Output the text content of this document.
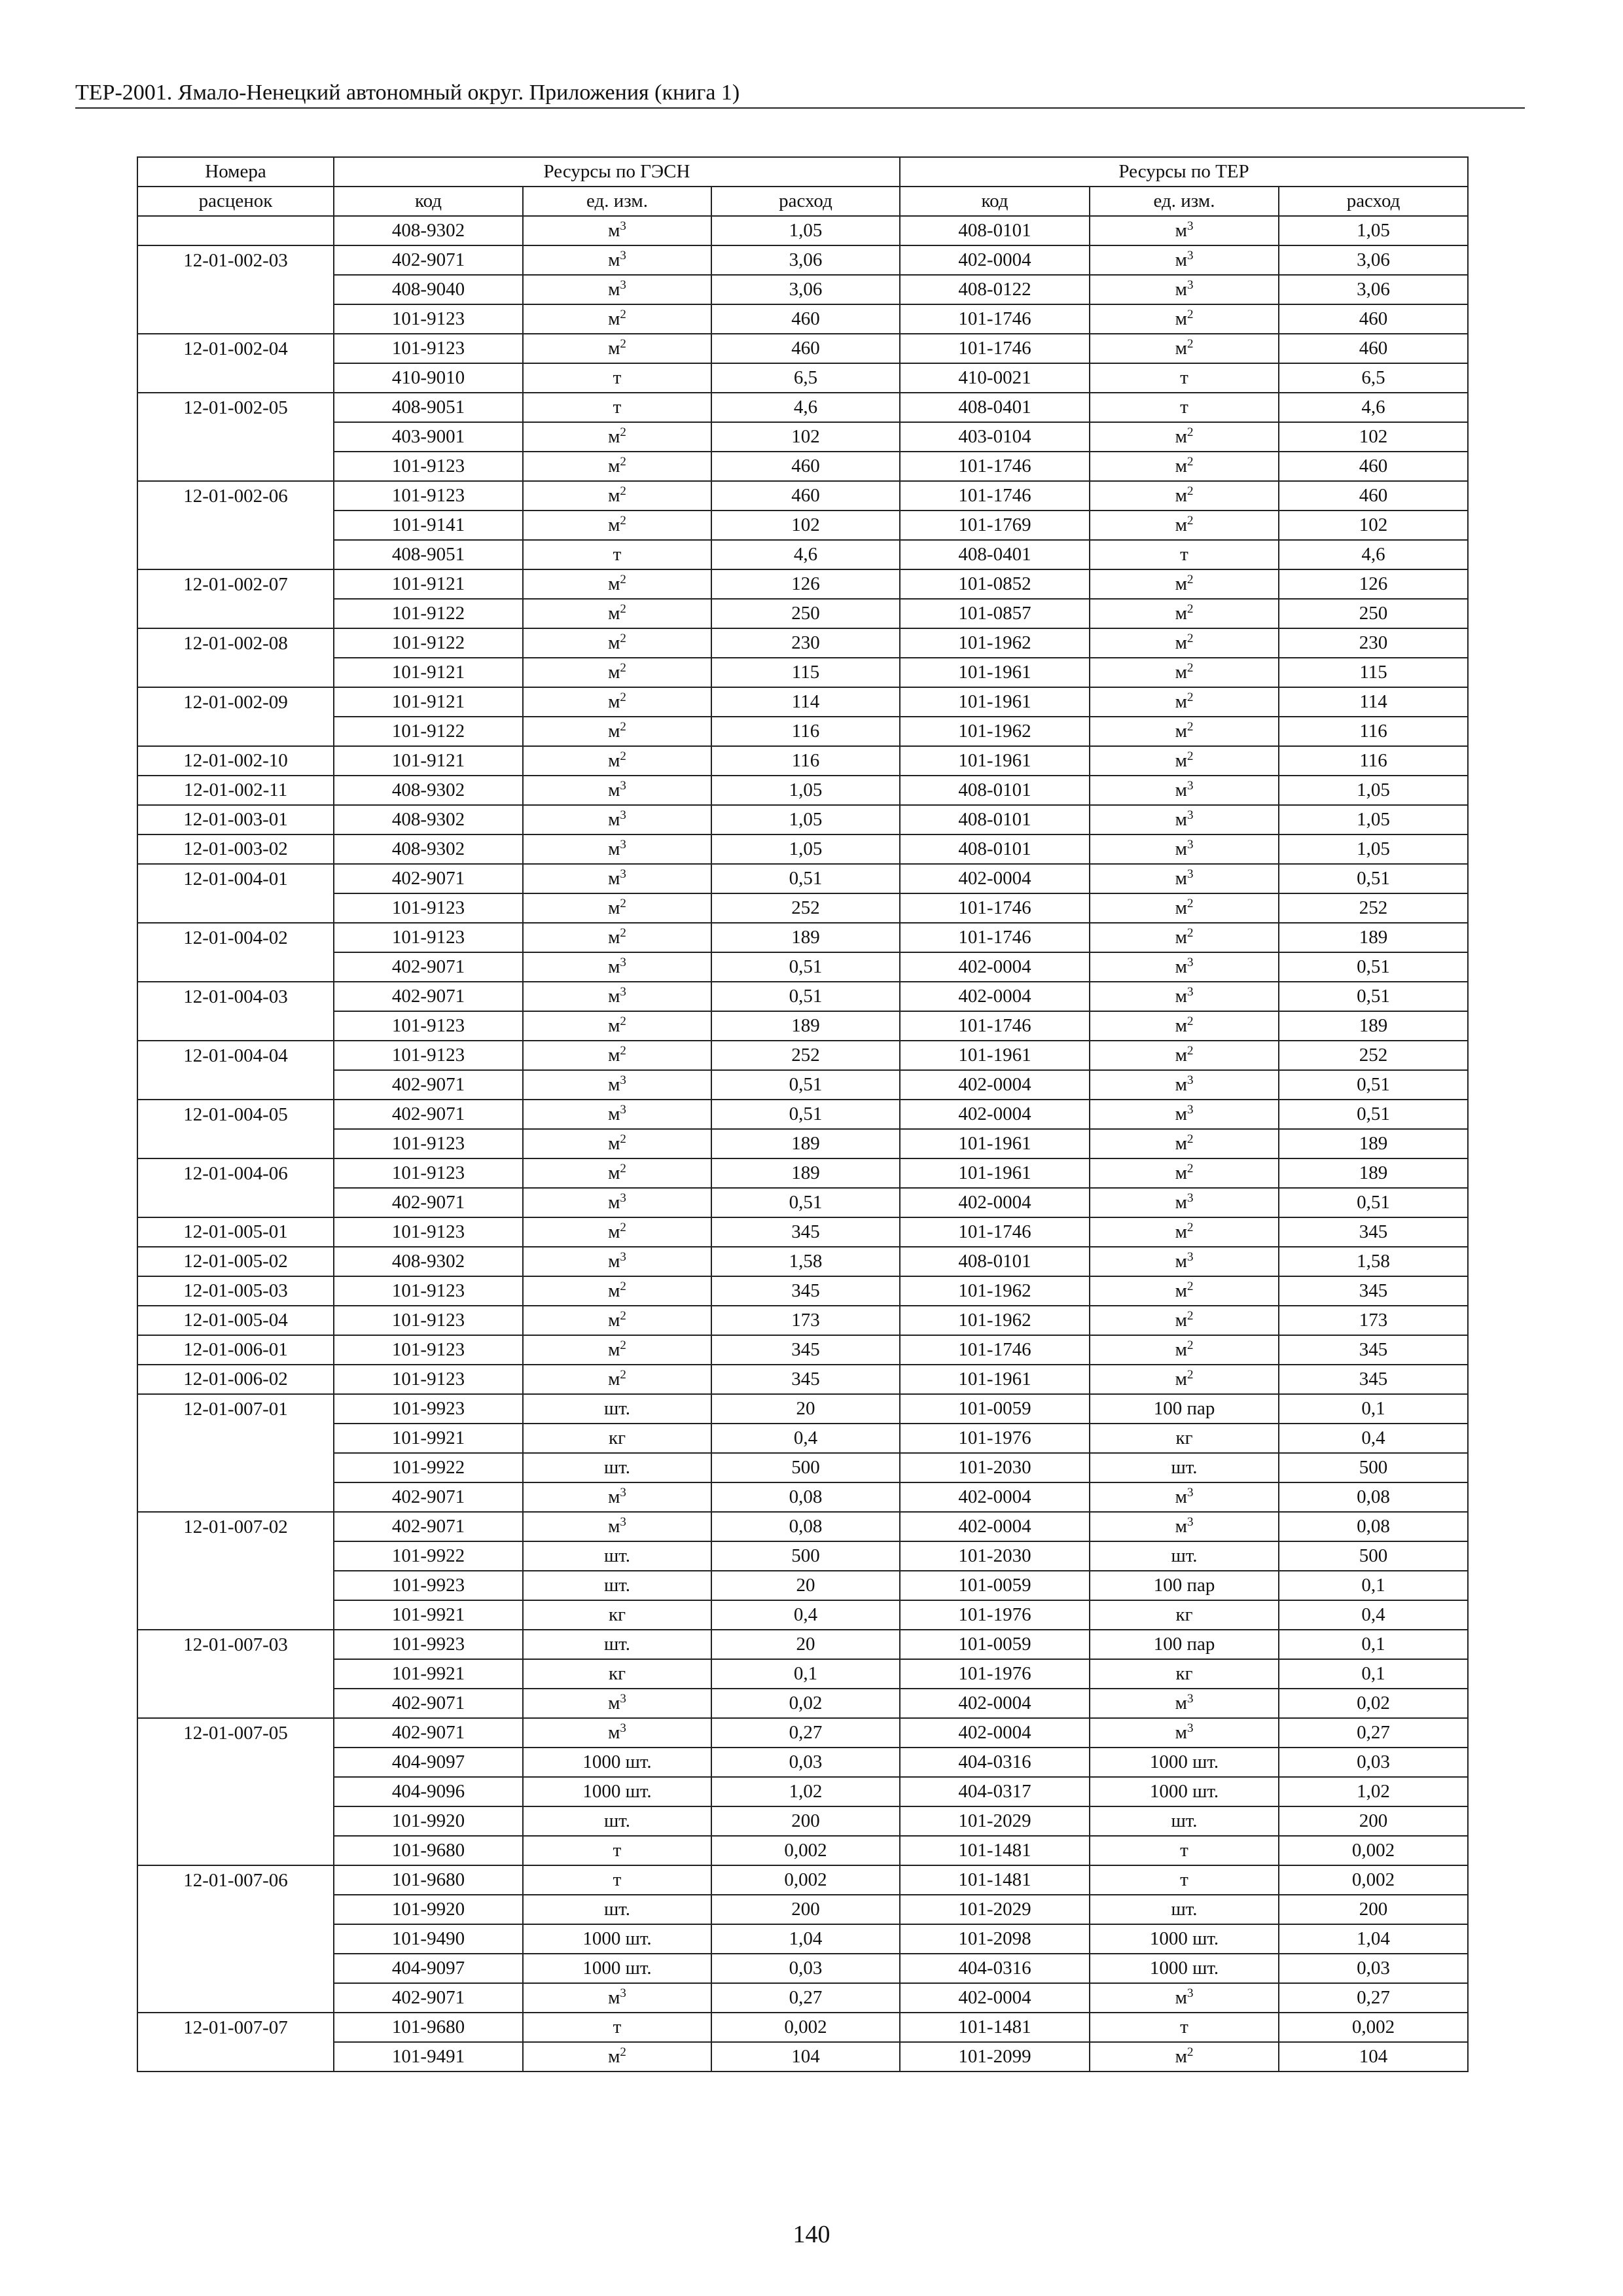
ТЕР-2001. Ямало-Ненецкий автономный округ. Приложения (книга 1)
Номера	Ресурсы по ГЭСН			Ресурсы по ТЕР		
расценок	код	ед. изм.	расход	код	ед. изм.	расход
	408-9302	$м^3$	1,05	408-0101	$м^3$	1,05
12-01-002-03	402-9071	$м^3$	3,06	402-0004	$м^3$	3,06
	408-9040	$м^3$	3,06	408-0122	$м^3$	3,06
	101-9123	$м^2$	460	101-1746	$м^2$	460
12-01-002-04	101-9123	$м^2$	460	101-1746	$м^2$	460
	410-9010	т	6,5	410-0021	т	6,5
12-01-002-05	408-9051	т	4,6	408-0401	т	4,6
	403-9001	$м^2$	102	403-0104	$м^2$	102
	101-9123	$м^2$	460	101-1746	$м^2$	460
12-01-002-06	101-9123	$м^2$	460	101-1746	$м^2$	460
	101-9141	$м^2$	102	101-1769	$м^2$	102
	408-9051	т	4,6	408-0401	т	4,6
12-01-002-07	101-9121	$м^2$	126	101-0852	$м^2$	126
	101-9122	$м^2$	250	101-0857	$м^2$	250
12-01-002-08	101-9122	$м^2$	230	101-1962	$м^2$	230
	101-9121	$м^2$	115	101-1961	$м^2$	115
12-01-002-09	101-9121	$м^2$	114	101-1961	$м^2$	114
	101-9122	$м^2$	116	101-1962	$м^2$	116
12-01-002-10	101-9121	$м^2$	116	101-1961	$м^2$	116
12-01-002-11	408-9302	$м^3$	1,05	408-0101	$м^3$	1,05
12-01-003-01	408-9302	$м^3$	1,05	408-0101	$м^3$	1,05
12-01-003-02	408-9302	$м^3$	1,05	408-0101	$м^3$	1,05
12-01-004-01	402-9071	$м^3$	0,51	402-0004	$м^3$	0,51
	101-9123	$м^2$	252	101-1746	$м^2$	252
12-01-004-02	101-9123	$м^2$	189	101-1746	$м^2$	189
	402-9071	$м^3$	0,51	402-0004	$м^3$	0,51
12-01-004-03	402-9071	$м^3$	0,51	402-0004	$м^3$	0,51
	101-9123	$м^2$	189	101-1746	$м^2$	189
12-01-004-04	101-9123	$м^2$	252	101-1961	$м^2$	252
	402-9071	$м^3$	0,51	402-0004	$м^3$	0,51
12-01-004-05	402-9071	$м^3$	0,51	402-0004	$м^3$	0,51
	101-9123	$м^2$	189	101-1961	$м^2$	189
12-01-004-06	101-9123	$м^2$	189	101-1961	$м^2$	189
	402-9071	$м^3$	0,51	402-0004	$м^3$	0,51
12-01-005-01	101-9123	$м^2$	345	101-1746	$м^2$	345
12-01-005-02	408-9302	$м^3$	1,58	408-0101	$м^3$	1,58
12-01-005-03	101-9123	$м^2$	345	101-1962	$м^2$	345
12-01-005-04	101-9123	$м^2$	173	101-1962	$м^2$	173
12-01-006-01	101-9123	$м^2$	345	101-1746	$м^2$	345
12-01-006-02	101-9123	$м^2$	345	101-1961	$м^2$	345
12-01-007-01	101-9923	шт.	20	101-0059	100 пар	0,1
	101-9921	кг	0,4	101-1976	кг	0,4
	101-9922	шт.	500	101-2030	шт.	500
	402-9071	$м^3$	0,08	402-0004	$м^3$	0,08
12-01-007-02	402-9071	$м^3$	0,08	402-0004	$м^3$	0,08
	101-9922	шт.	500	101-2030	шт.	500
	101-9923	шт.	20	101-0059	100 пар	0,1
	101-9921	кг	0,4	101-1976	кг	0,4
12-01-007-03	101-9923	шт.	20	101-0059	100 пар	0,1
	101-9921	кг	0,1	101-1976	кг	0,1
	402-9071	$м^3$	0,02	402-0004	$м^3$	0,02
12-01-007-05	402-9071	$м^3$	0,27	402-0004	$м^3$	0,27
	404-9097	1000 шт.	0,03	404-0316	1000 шт.	0,03
	404-9096	1000 шт.	1,02	404-0317	1000 шт.	1,02
	101-9920	шт.	200	101-2029	шт.	200
	101-9680	т	0,002	101-1481	т	0,002
12-01-007-06	101-9680	т	0,002	101-1481	т	0,002
	101-9920	шт.	200	101-2029	шт.	200
	101-9490	1000 шт.	1,04	101-2098	1000 шт.	1,04
	404-9097	1000 шт.	0,03	404-0316	1000 шт.	0,03
	402-9071	$м^3$	0,27	402-0004	$м^3$	0,27
12-01-007-07	101-9680	т	0,002	101-1481	т	0,002
	101-9491	$м^2$	104	101-2099	$м^2$	104
140
